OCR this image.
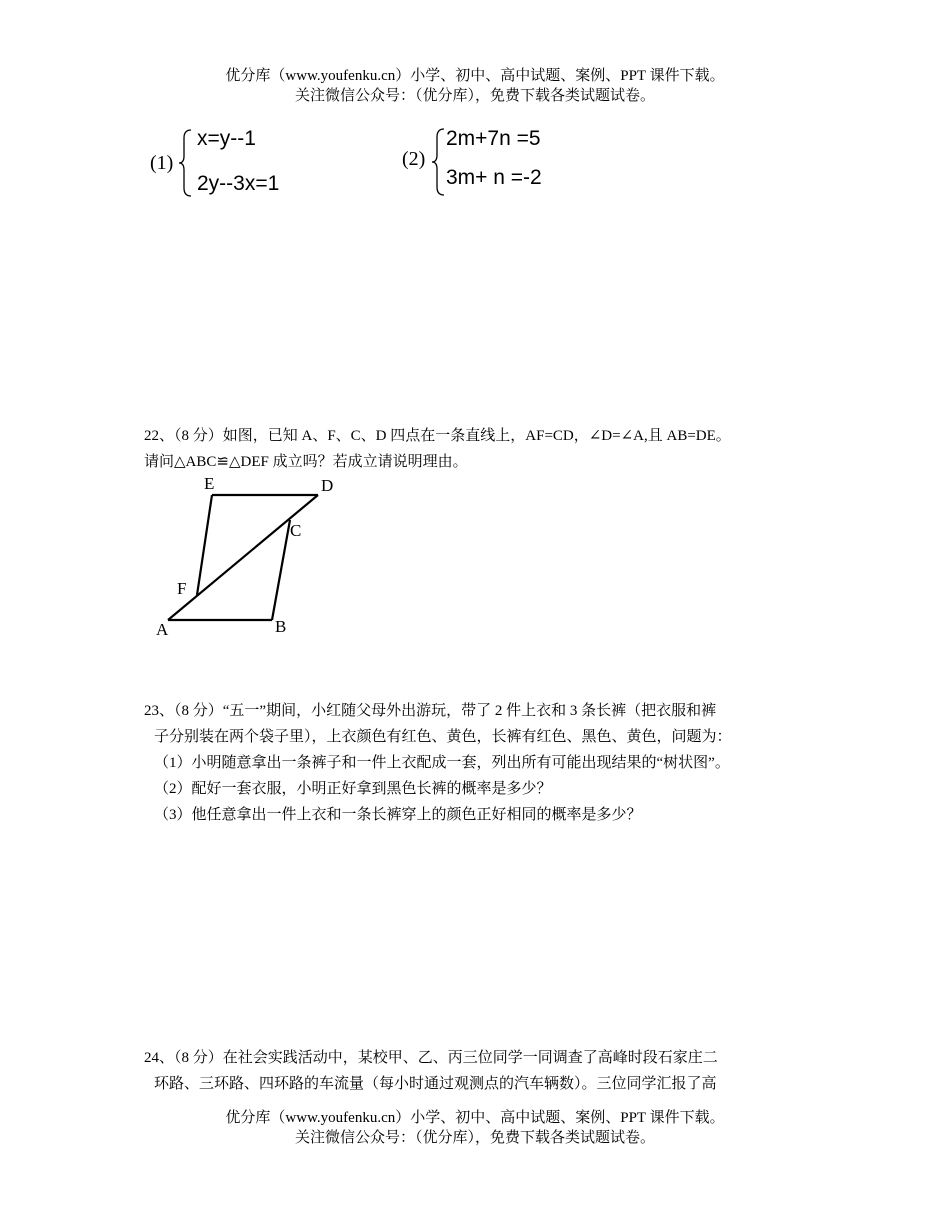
优分库（www.youfenku.cn）小学、初中、高中试题、案例、PPT 课件下载。
关注微信公众号：（优分库），免费下载各类试题试卷。
(1)
x=y--1
2y--3x=1
(2)
2m+7n =5
3m+ n =-2

22、（8 分）如图，已知 A、F、C、D 四点在一条直线上，AF=CD，∠D=∠A,且 AB=DE。

请问△ABC≌△DEF 成立吗？若成立请说明理由。

E	D
C
F
A	B

23、（8 分）“五一”期间，小红随父母外出游玩，带了 2 件上衣和 3 条长裤（把衣服和裤

子分别装在两个袋子里），上衣颜色有红色、黄色，长裤有红色、黑色、黄色，问题为：

（1）小明随意拿出一条裤子和一件上衣配成一套，列出所有可能出现结果的“树状图”。

（2）配好一套衣服，小明正好拿到黑色长裤的概率是多少？

（3）他任意拿出一件上衣和一条长裤穿上的颜色正好相同的概率是多少？

24、（8 分）在社会实践活动中，某校甲、乙、丙三位同学一同调查了高峰时段石家庄二

环路、三环路、四环路的车流量（每小时通过观测点的汽车辆数）。三位同学汇报了高

优分库（www.youfenku.cn）小学、初中、高中试题、案例、PPT 课件下载。
关注微信公众号：（优分库），免费下载各类试题试卷。
